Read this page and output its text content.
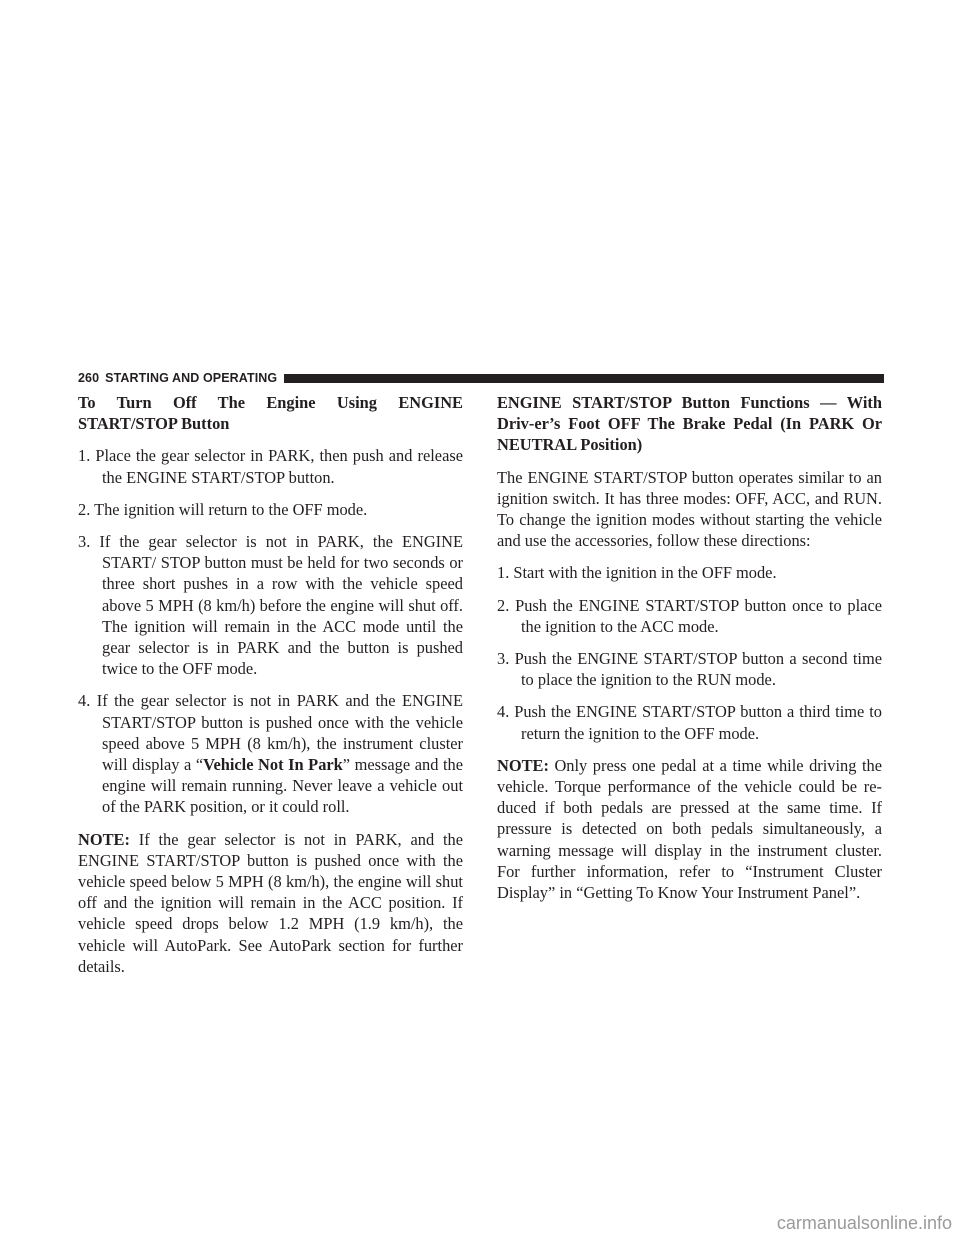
260 STARTING AND OPERATING
To Turn Off The Engine Using ENGINE START/STOP Button
1. Place the gear selector in PARK, then push and release the ENGINE START/STOP button.
2. The ignition will return to the OFF mode.
3. If the gear selector is not in PARK, the ENGINE START/ STOP button must be held for two seconds or three short pushes in a row with the vehicle speed above 5 MPH (8 km/h) before the engine will shut off. The ignition will remain in the ACC mode until the gear selector is in PARK and the button is pushed twice to the OFF mode.
4. If the gear selector is not in PARK and the ENGINE START/STOP button is pushed once with the vehicle speed above 5 MPH (8 km/h), the instrument cluster will display a “Vehicle Not In Park” message and the engine will remain running. Never leave a vehicle out of the PARK position, or it could roll.
NOTE: If the gear selector is not in PARK, and the ENGINE START/STOP button is pushed once with the vehicle speed below 5 MPH (8 km/h), the engine will shut off and the ignition will remain in the ACC position. If vehicle speed drops below 1.2 MPH (1.9 km/h), the vehicle will AutoPark. See AutoPark section for further details.
ENGINE START/STOP Button Functions — With Driv-er’s Foot OFF The Brake Pedal (In PARK Or NEUTRAL Position)
The ENGINE START/STOP button operates similar to an ignition switch. It has three modes: OFF, ACC, and RUN. To change the ignition modes without starting the vehicle and use the accessories, follow these directions:
1. Start with the ignition in the OFF mode.
2. Push the ENGINE START/STOP button once to place the ignition to the ACC mode.
3. Push the ENGINE START/STOP button a second time to place the ignition to the RUN mode.
4. Push the ENGINE START/STOP button a third time to return the ignition to the OFF mode.
NOTE: Only press one pedal at a time while driving the vehicle. Torque performance of the vehicle could be re-duced if both pedals are pressed at the same time. If pressure is detected on both pedals simultaneously, a warning message will display in the instrument cluster. For further information, refer to “Instrument Cluster Display” in “Getting To Know Your Instrument Panel”.
carmanualsonline.info
